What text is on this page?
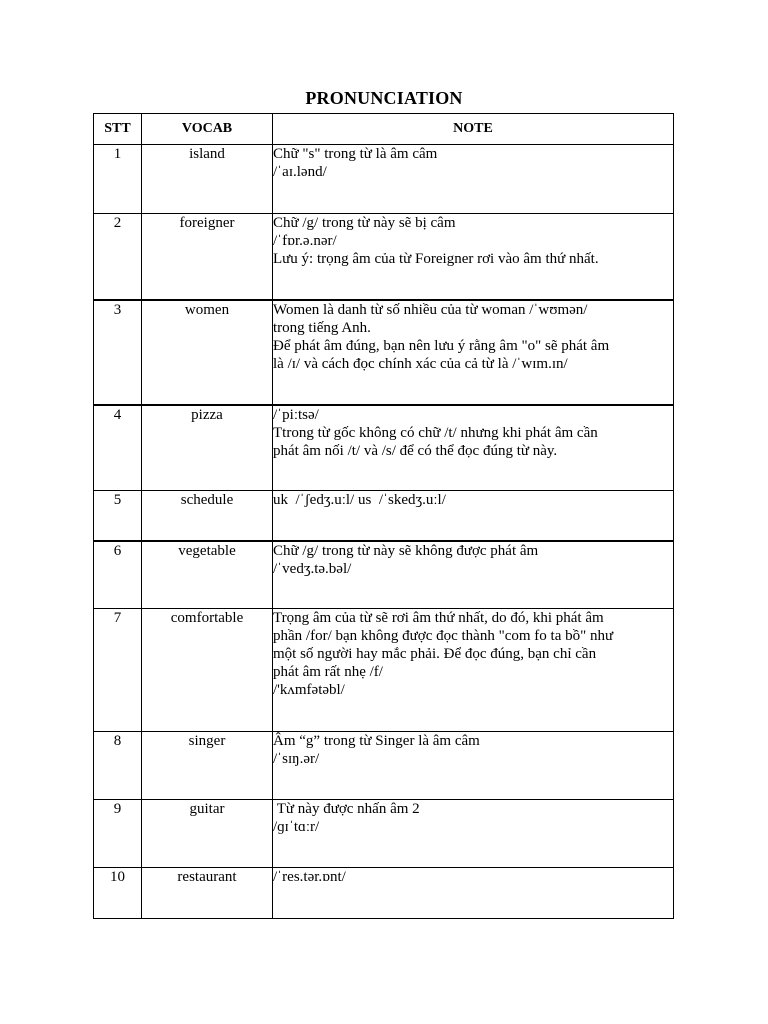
PRONUNCIATION
STT	VOCAB	NOTE
1	island	Chữ "s" trong từ là âm câm
/ˈaɪ.lənd/

2	foreigner	Chữ /g/ trong từ này sẽ bị câm
/ˈfɒr.ə.nər/
Lưu ý: trọng âm của từ Foreigner rơi vào âm thứ nhất.

3	women	Women là danh từ số nhiều của từ woman /ˈwʊmən/
trong tiếng Anh.
Để phát âm đúng, bạn nên lưu ý rằng âm "o" sẽ phát âm
là /ɪ/ và cách đọc chính xác của cả từ là /ˈwɪm.ɪn/

4	pizza	/ˈpiːtsə/
Ttrong từ gốc không có chữ /t/ nhưng khi phát âm cần
phát âm nối /t/ và /s/ để có thể đọc đúng từ này.

5	schedule	uk  /ˈʃedʒ.uːl/ us  /ˈskedʒ.uːl/

6	vegetable	Chữ /g/ trong từ này sẽ không được phát âm
/ˈvedʒ.tə.bəl/

7	comfortable	Trọng âm của từ sẽ rơi âm thứ nhất, do đó, khi phát âm
phần /for/ bạn không được đọc thành "com fo ta bồ" như
một số người hay mắc phải. Để đọc đúng, bạn chỉ cần
phát âm rất nhẹ /f/
/'kʌmfətəbl/

8	singer	Âm “g” trong từ Singer là âm câm
/ˈsɪŋ.ər/

9	guitar	Từ này được nhấn âm 2
/ɡɪˈtɑːr/

10	restaurant	/ˈres.tər.ɒnt/
